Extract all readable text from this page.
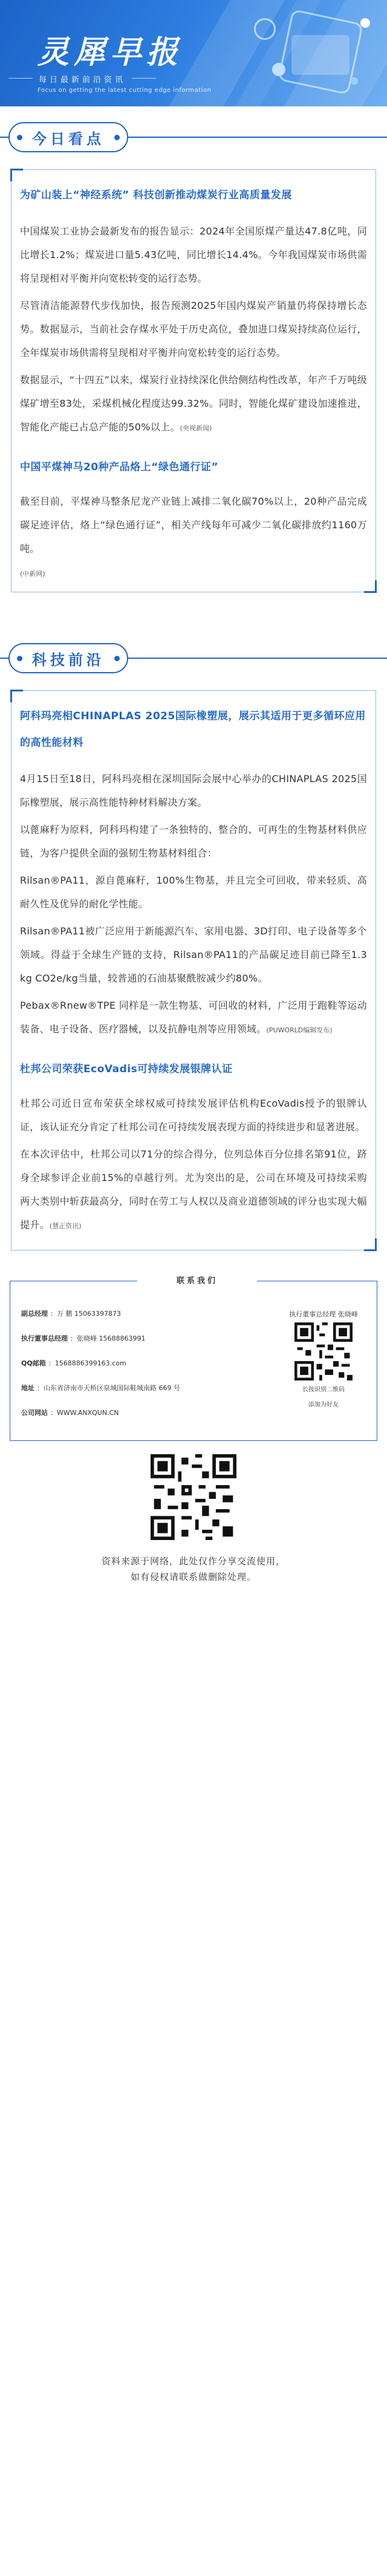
灵犀早报
每日最新前沿资讯
Focus on getting the latest cutting edge information
今日看点
为矿山装上“神经系统” 科技创新推动煤炭行业高质量发展

中国煤炭工业协会最新发布的报告显示：2024年全国原煤产量达47.8亿吨，同比增长1.2%；煤炭进口量5.43亿吨，同比增长14.4%。今年我国煤炭市场供需将呈现相对平衡并向宽松转变的运行态势。

尽管清洁能源替代步伐加快，报告预测2025年国内煤炭产销量仍将保持增长态势。数据显示，当前社会存煤水平处于历史高位，叠加进口煤炭持续高位运行，全年煤炭市场供需将呈现相对平衡并向宽松转变的运行态势。

数据显示，“十四五”以来，煤炭行业持续深化供给侧结构性改革，年产千万吨级煤矿增至83处，采煤机械化程度达99.32%。同时，智能化煤矿建设加速推进，智能化产能已占总产能的50%以上。(央视新闻)

中国平煤神马20种产品烙上“绿色通行证”

截至目前，平煤神马整条尼龙产业链上减排二氧化碳70%以上，20种产品完成碳足迹评估，烙上“绿色通行证”，相关产线每年可减少二氧化碳排放约1160万吨。

(中新网)
科技前沿
阿科玛亮相CHINAPLAS 2025国际橡塑展，展示其适用于更多循环应用的高性能材料

4月15日至18日，阿科玛亮相在深圳国际会展中心举办的CHINAPLAS 2025国际橡塑展，展示高性能特种材料解决方案。

以蓖麻籽为原料，阿科玛构建了一条独特的、整合的、可再生的生物基材料供应链，为客户提供全面的强韧生物基材料组合：

Rilsan®PA11，源自蓖麻籽，100%生物基，并且完全可回收，带来轻质、高耐久性及优异的耐化学性能。

Rilsan®PA11被广泛应用于新能源汽车、家用电器、3D打印、电子设备等多个领域。得益于全球生产链的支持，Rilsan®PA11的产品碳足迹目前已降至1.3 kg CO2e/kg当量，较普通的石油基聚酰胺减少约80%。

Pebax®Rnew®TPE 同样是一款生物基、可回收的材料，广泛用于跑鞋等运动装备、电子设备、医疗器械，以及抗静电剂等应用领域。(PUWORLD编辑发布)

杜邦公司荣获EcoVadis可持续发展银牌认证

杜邦公司近日宣布荣获全球权威可持续发展评估机构EcoVadis授予的银牌认证，该认证充分肯定了杜邦公司在可持续发展表现方面的持续进步和显著进展。

在本次评估中，杜邦公司以71分的综合得分，位列总体百分位排名第91位，跻身全球参评企业前15%的卓越行列。尤为突出的是，公司在环境及可持续采购两大类别中斩获最高分，同时在劳工与人权以及商业道德领域的评分也实现大幅提升。(慧正资讯)

联系我们
副总经理 ：万 鹏 15063397873
执行董事总经理 ：张晓峰 15688863991
QQ邮箱 ：1568886399163.com
地址 ：山东省济南市天桥区泉城国际鞋城南路 669 号
公司网站 ：WWW.ANXQUN.CN
执行董事总经理 张晓峰
长按识别二维码
添加为好友
资料来源于网络，此处仅作分享交流使用，
如有侵权请联系做删除处理。
